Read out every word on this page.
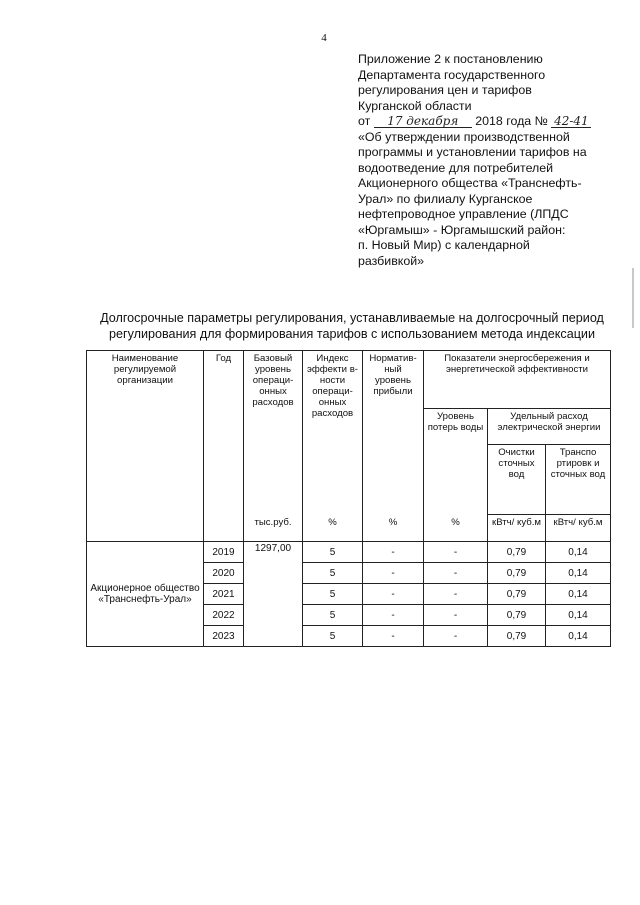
4
Приложение 2 к постановлению
Департамента государственного
регулирования цен и тарифов
Курганской области
от 17 декабря 2018 года № 42-41
«Об утверждении производственной
программы и установлении тарифов на
водоотведение для потребителей
Акционерного общества «Транснефть-
Урал» по филиалу Курганское
нефтепроводное управление (ЛПДС
«Юргамыш» - Юргамышский район:
п. Новый Мир) с календарной
разбивкой»
Долгосрочные параметры регулирования, устанавливаемые на долгосрочный период
регулирования для формирования тарифов с использованием метода индексации
Наименование регулируемой организации	Год	Базовый уровень операци-онных расходов	Индекс эффекти в-ности операци-онных расходов	Норматив-ный уровень прибыли	Показатели энергосбережения и энергетической эффективности		
					Уровень потерь воды	Удельный расход электрической энергии	
						Очистки сточных вод	Транспо ртировк и сточных вод
		тыс.руб.	%	%	%	кВтч/ куб.м	кВтч/ куб.м
Акционерное общество «Транснефть-Урал»	2019	1297,00	5	-	-	0,79	0,14
	2020		5	-	-	0,79	0,14
	2021		5	-	-	0,79	0,14
	2022		5	-	-	0,79	0,14
	2023		5	-	-	0,79	0,14
